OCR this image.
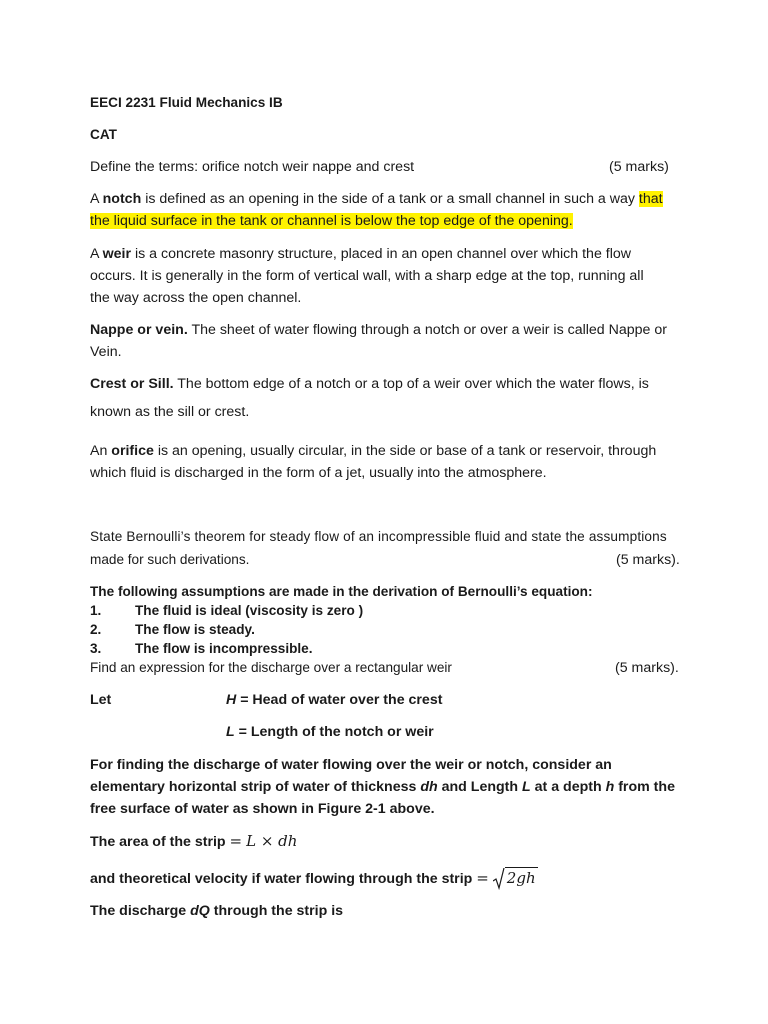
EECI 2231 Fluid Mechanics IB
CAT
Define the terms: orifice notch weir nappe and crest	(5 marks)
A notch is defined as an opening in the side of a tank or a small channel in such a way that
the liquid surface in the tank or channel is below the top edge of the opening.
A weir is a concrete masonry structure, placed in an open channel over which the flow
occurs. It is generally in the form of vertical wall, with a sharp edge at the top, running all
the way across the open channel.
Nappe or vein. The sheet of water flowing through a notch or over a weir is called Nappe or
Vein.
Crest or Sill. The bottom edge of a notch or a top of a weir over which the water flows, is
known as the sill or crest.
An orifice is an opening, usually circular, in the side or base of a tank or reservoir, through
which fluid is discharged in the form of a jet, usually into the atmosphere.
State Bernoulli’s theorem for steady flow of an incompressible fluid and state the assumptions
made for such derivations.	(5 marks).
The following assumptions are made in the derivation of Bernoulli’s equation:
1. The fluid is ideal (viscosity is zero )
2. The flow is steady.
3. The flow is incompressible.
Find an expression for the discharge over a rectangular weir	(5 marks).
Let	H = Head of water over the crest
L = Length of the notch or weir
For finding the discharge of water flowing over the weir or notch, consider an
elementary horizontal strip of water of thickness dh and Length L at a depth h from the
free surface of water as shown in Figure 2-1 above.
The area of the strip = L × dh
and theoretical velocity if water flowing through the strip = 2gh
The discharge dQ through the strip is
